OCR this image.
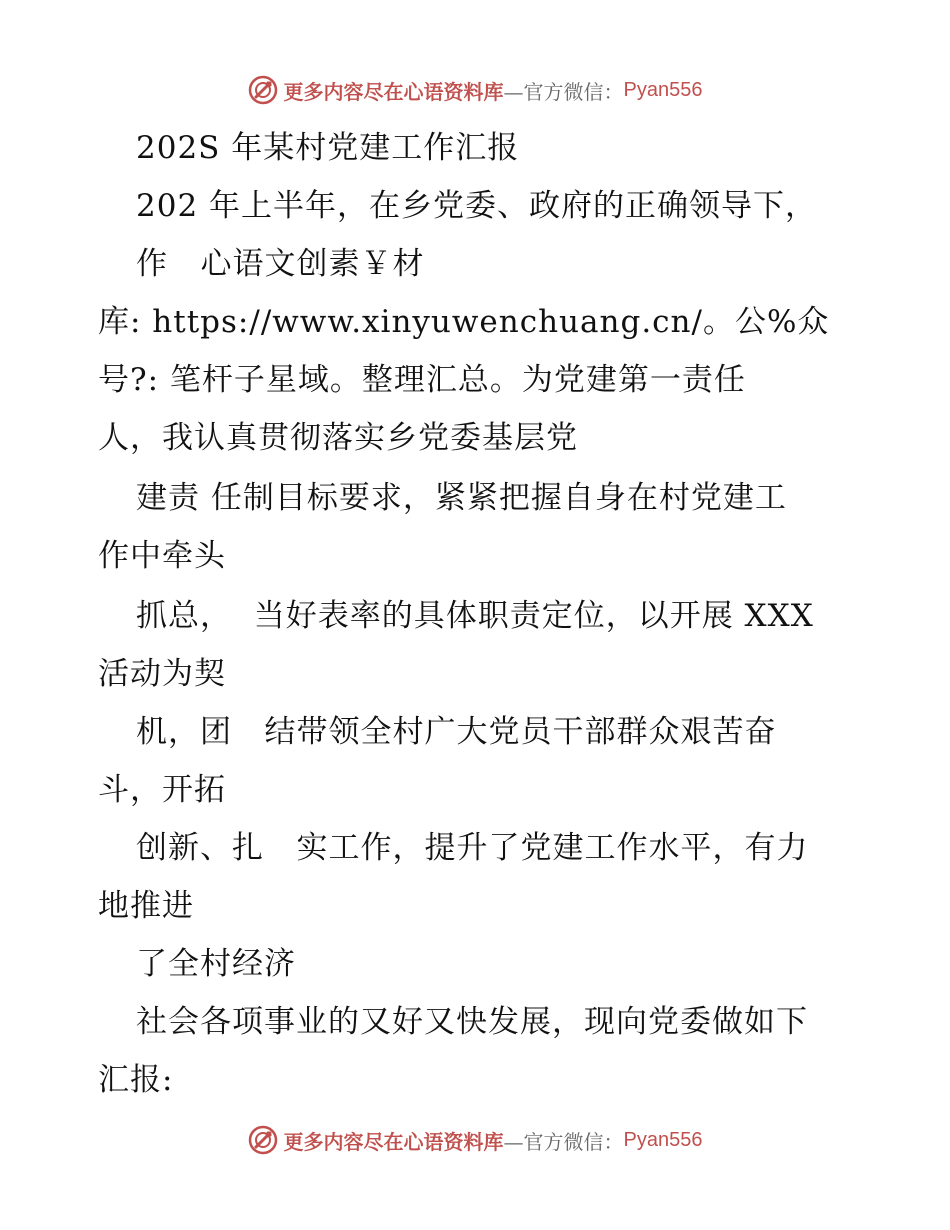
更多内容尽在心语资料库 —官方微信： Pyan556
202S 年某村党建工作汇报
202 年上半年，在乡党委、政府的正确领导下，
作   心语文创素￥材
库: https://www.xinyuwenchuang.cn/。公%众
号?: 笔杆子星域。整理汇总。为党建第一责任
人，我认真贯彻落实乡党委基层党
建责 任制目标要求，紧紧把握自身在村党建工
作中牵头
抓总，  当好表率的具体职责定位，以开展 XXX
活动为契
机，团   结带领全村广大党员干部群众艰苦奋
斗，开拓
创新、扎   实工作，提升了党建工作水平，有力
地推进
了全村经济
社会各项事业的又好又快发展，现向党委做如下
汇报:
更多内容尽在心语资料库 —官方微信： Pyan556
